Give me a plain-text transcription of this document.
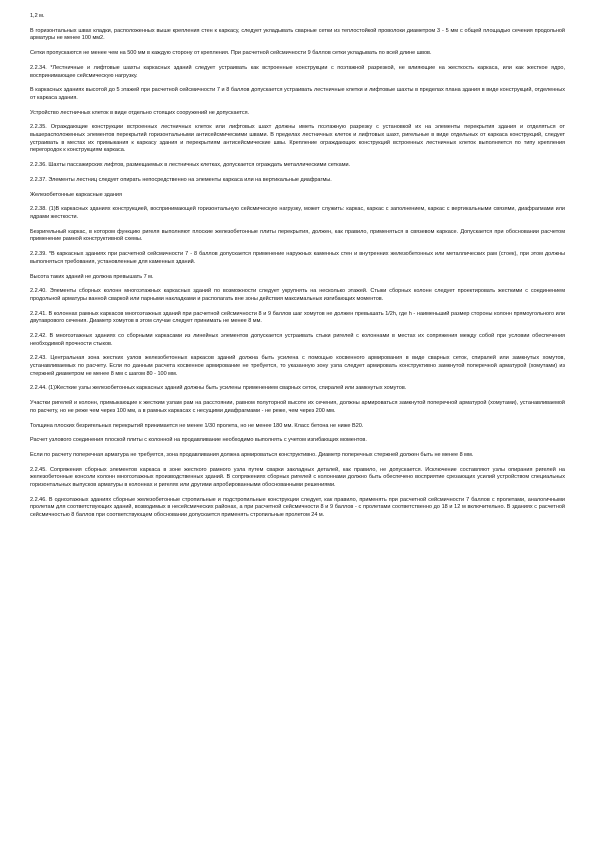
1,2 м.

В горизонтальных швах кладки, расположенных выше крепления стен к каркасу, следует укладывать сварные сетки из теплостойкой проволоки диаметром 3 - 5 мм с общей площадью сечения продольной арматуры не менее 100 мм2.

Сетки пропускаются не менее чем на 500 мм в каждую сторону от крепления. При расчетной сейсмичности 9 баллов сетки укладывать по всей длине швов.

2.2.34. *Лестничные и лифтовые шахты каркасных зданий следует устраивать как встроенные конструкции с поэтажной разрезкой, не влияющие на жесткость каркаса, или как жесткое ядро, воспринимающее сейсмическую нагрузку.

В каркасных зданиях высотой до 5 этажей при расчетной сейсмичности 7 и 8 баллов допускается устраивать лестничные клетки и лифтовые шахты в пределах плана здания в виде конструкций, отделенных от каркаса здания.

Устройство лестничных клеток в виде отдельно стоящих сооружений не допускается.

2.2.35. Ограждающие конструкции встроенных лестничных клеток или лифтовых шахт должны иметь поэтажную разрезку с установкой их на элементы перекрытия здания и отделяться от вышерасположенных элементов перекрытий горизонтальными антисейсмическими швами. В пределах лестничных клеток и лифтовых шахт, ригельные в виде отдельных от каркаса конструкций, следует устраивать в местах их примыкания к каркасу здания и перекрытиям антисейсмические швы. Крепление ограждающих конструкций встроенных лестничных клеток выполняется по типу крепления перегородок к конструкциям каркаса.

2.2.36. Шахты пассажирских лифтов, размещаемых в лестничных клетках, допускается ограждать металлическими сетками.

2.2.37. Элементы лестниц следует опирать непосредственно на элементы каркаса или на вертикальные диафрагмы.

Железобетонные каркасные здания

2.2.38. (1)В каркасных зданиях конструкцией, воспринимающей горизонтальную сейсмическую нагрузку, может служить: каркас, каркас с заполнением, каркас с вертикальными связями, диафрагмами или ядрами жесткости.

Безригельный каркас, в котором функцию ригеля выполняют плоские железобетонные плиты перекрытия, должен, как правило, применяться в связевом каркасе. Допускается при обосновании расчетом применение рамной конструктивной схемы.

2.2.39. *В каркасных зданиях при расчетной сейсмичности 7 - 8 баллов допускается применение наружных каменных стен и внутренних железобетонных или металлических рам (стоек), при этом должны выполняться требования, установленные для каменных зданий.

Высота таких зданий не должна превышать 7 м.

2.2.40. Элементы сборных колонн многоэтажных каркасных зданий по возможности следует укрупнять на несколько этажей. Стыки сборных колонн следует проектировать жесткими с соединением продольной арматуры ванной сваркой или парными накладками и располагать вне зоны действия максимальных изгибающих моментов.

2.2.41. В колоннах рамных каркасов многоэтажных зданий при расчетной сейсмичности 8 и 9 баллов шаг хомутов не должен превышать 1/2h, где h - наименьший размер стороны колонн прямоугольного или двутаврового сечения. Диаметр хомутов в этом случае следует принимать не менее 8 мм.

2.2.42. В многоэтажных зданиях со сборными каркасами из линейных элементов допускается устраивать стыки ригелей с колоннами в местах их сопряжения между собой при условии обеспечения необходимой прочности стыков.

2.2.43. Центральная зона жестких узлов железобетонных каркасов зданий должна быть усилена с помощью косвенного армирования в виде сварных сеток, спиралей или замкнутых хомутов, устанавливаемых по расчету. Если по данным расчета косвенное армирование не требуется, то указанную зону узла следует армировать конструктивно замкнутой поперечной арматурой (хомутами) из стержней диаметром не менее 8 мм с шагом 80 - 100 мм.

2.2.44. (1)Жесткие узлы железобетонных каркасных зданий должны быть усилены применением сварных сеток, спиралей или замкнутых хомутов.

Участки ригелей и колонн, примыкающие к жестким узлам рам на расстоянии, равном полуторной высоте их сечения, должны армироваться замкнутой поперечной арматурой (хомутами), устанавливаемой по расчету, но не реже чем через 100 мм, а в рамных каркасах с несущими диафрагмами - не реже, чем через 200 мм.

Толщина плоских безригельных перекрытий принимается не менее 1/30 пролета, но не менее 180 мм. Класс бетона не ниже В20.

Расчет узлового соединения плоской плиты с колонной на продавливание необходимо выполнять с учетом изгибающих моментов.

Если по расчету поперечная арматура не требуется, зона продавливания должна армироваться конструктивно. Диаметр поперечных стержней должен быть не менее 8 мм.

2.2.45. Сопряжения сборных элементов каркаса в зоне жесткого рамного узла путем сварки закладных деталей, как правило, не допускается. Исключение составляют узлы опирания ригелей на железобетонные консоли колонн многоэтажных производственных зданий. В сопряжениях сборных ригелей с колоннами должно быть обеспечено восприятие срезающих усилий устройством специальных горизонтальных выпусков арматуры в колоннах и ригелях или другими апробированными обоснованными решениями.

2.2.46. В одноэтажных зданиях сборные железобетонные стропильные и подстропильные конструкции следует, как правило, применять при расчетной сейсмичности 7 баллов с пролетами, аналогичными пролетам для соответствующих зданий, возводимых в несейсмических районах, а при расчетной сейсмичности 8 и 9 баллов - с пролетами соответственно до 18 и 12 м включительно. В зданиях с расчетной сейсмичностью 8 баллов при соответствующем обосновании допускается применять стропильные пролетом 24 м.
